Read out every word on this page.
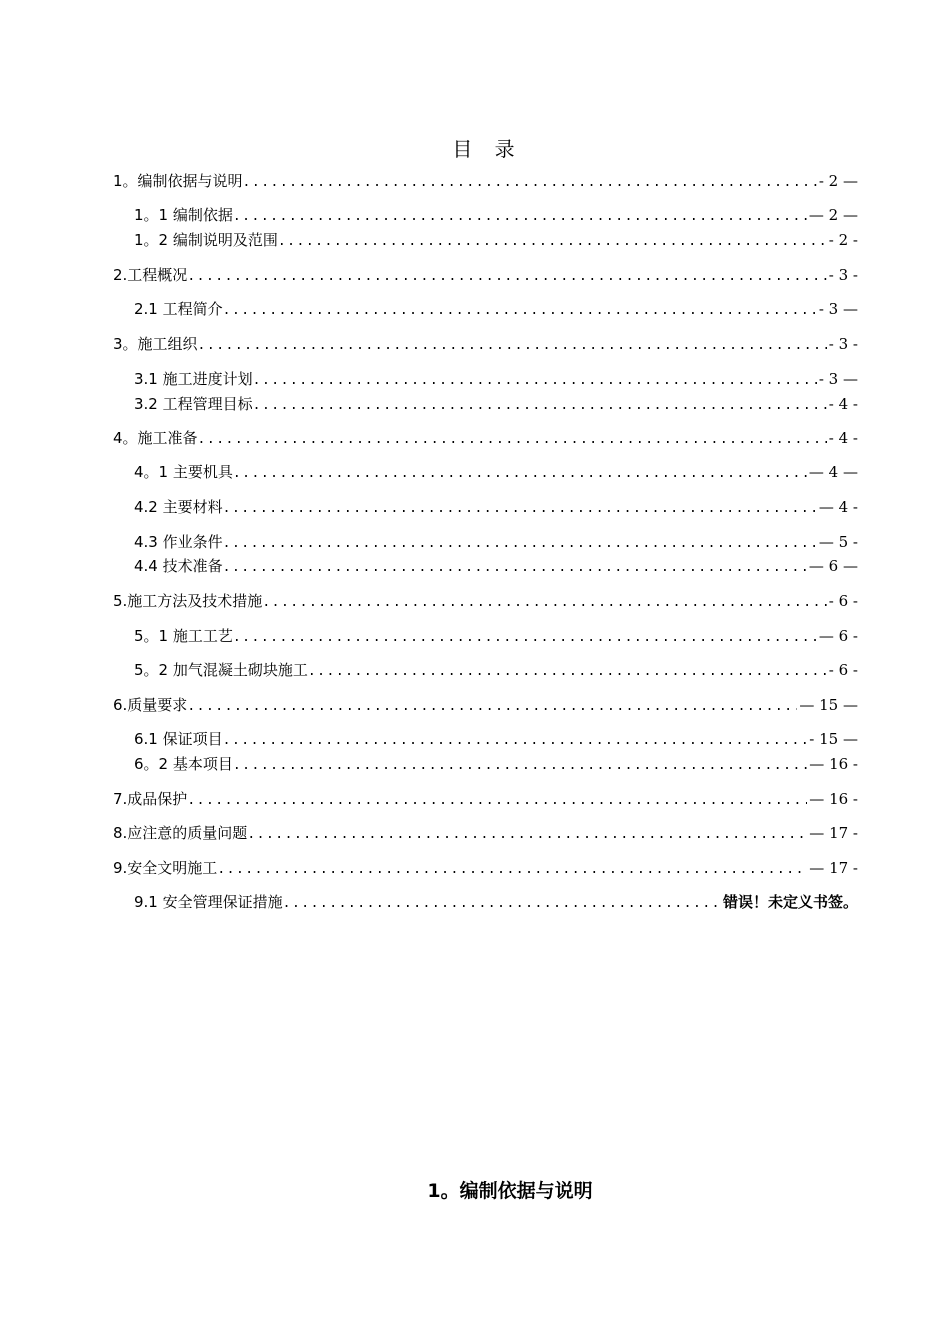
目 录
1。编制依据与说明 .....	- 2 —
1。1 编制依据 .....	— 2 —
1。2 编制说明及范围 .....	- 2 -
2.工程概况 .....	- 3 -
2.1 工程简介 .....	- 3 —
3。施工组织 .....	- 3 -
3.1 施工进度计划 .....	- 3 —
3.2 工程管理目标 .....	- 4 -
4。施工准备 .....	- 4 -
4。1 主要机具 .....	— 4 —
4.2 主要材料 .....	— 4 -
4.3 作业条件 .....	— 5 -
4.4 技术准备 .....	— 6 —
5.施工方法及技术措施 .....	- 6 -
5。1 施工工艺 .....	— 6 -
5。2 加气混凝土砌块施工 .....	- 6 -
6.质量要求 .....	— 15 —
6.1 保证项目 .....	- 15 —
6。2 基本项目 .....	— 16 -
7.成品保护 .....	— 16 -
8.应注意的质量问题 .....	— 17 -
9.安全文明施工 .....	— 17 -
9.1 安全管理保证措施 .....	错误！未定义书签。
1。编制依据与说明
